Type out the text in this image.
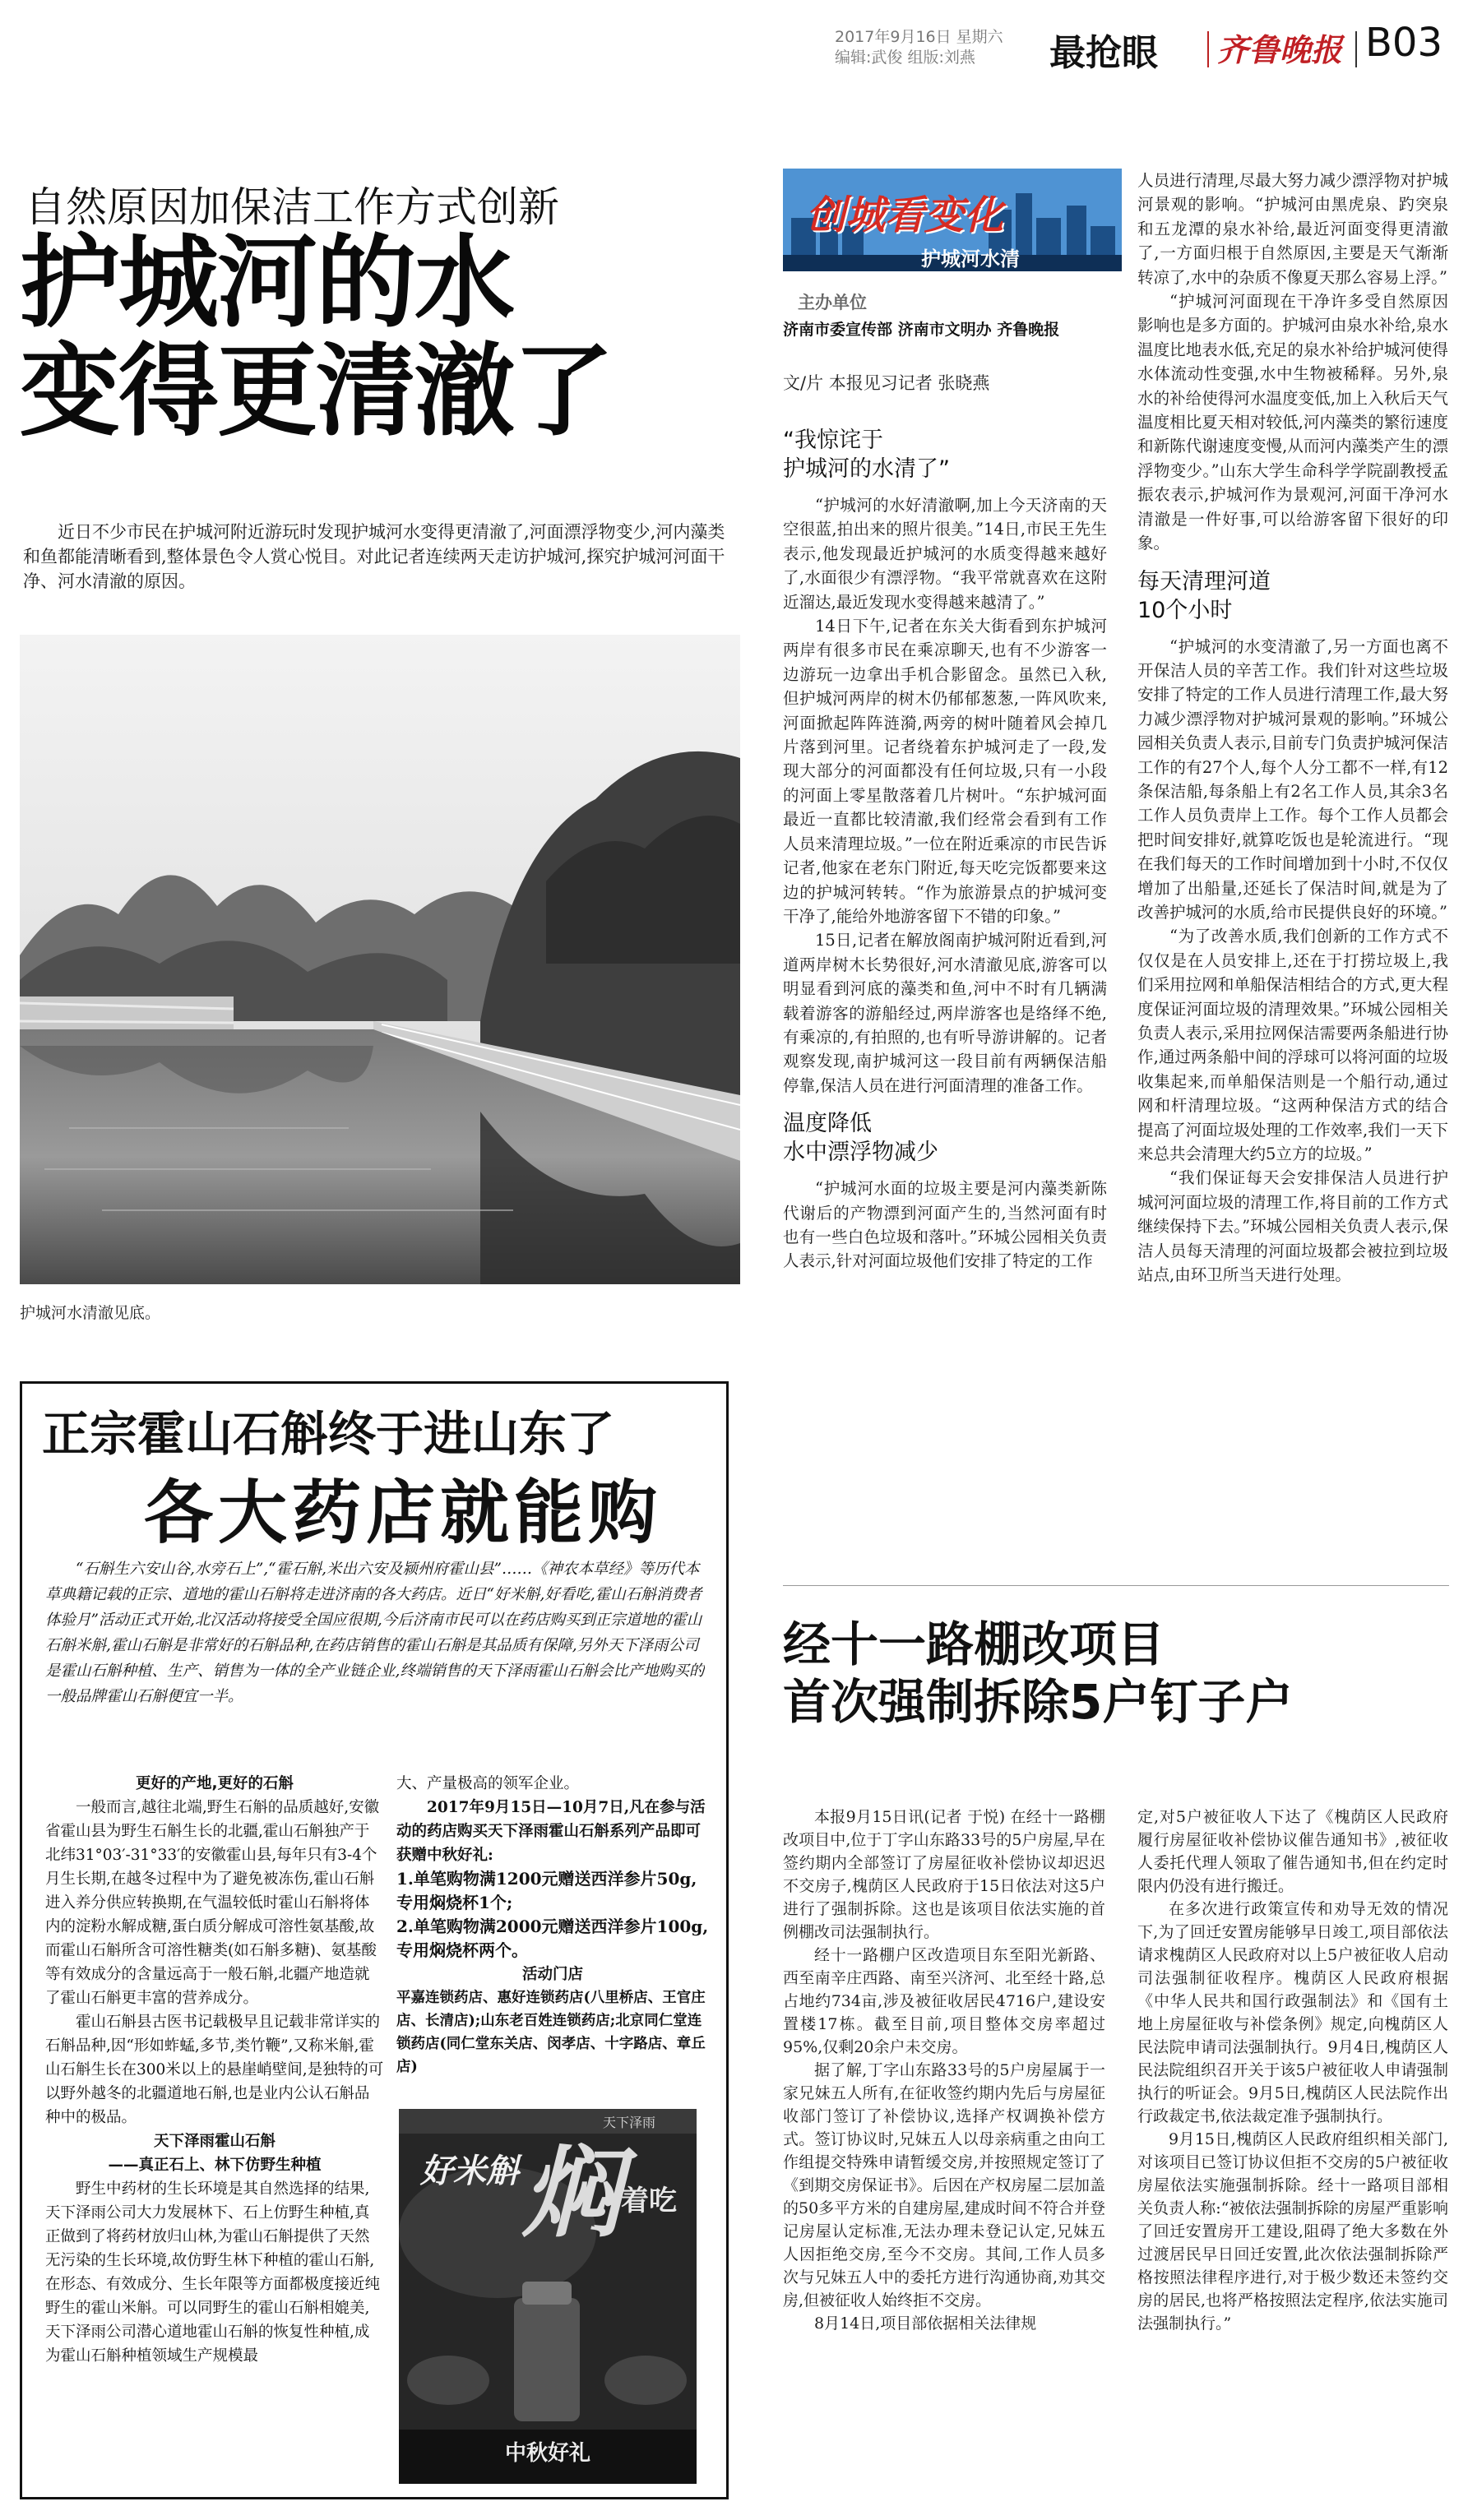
2017年9月16日 星期六
编辑:武俊 组版:刘燕 最抢眼 齐鲁晚报 B03
自然原因加保洁工作方式创新
护城河的水
变得更清澈了
近日不少市民在护城河附近游玩时发现护城河水变得更清澈了,河面漂浮物变少,河内藻类和鱼都能清晰看到,整体景色令人赏心悦目。对此记者连续两天走访护城河,探究护城河河面干净、河水清澈的原因。
护城河水清澈见底。
创城看变化
护城河水清
主办单位
济南市委宣传部 济南市文明办 齐鲁晚报
文/片 本报见习记者 张晓燕
“我惊诧于
护城河的水清了”

“护城河的水好清澈啊,加上今天济南的天空很蓝,拍出来的照片很美。”14日,市民王先生表示,他发现最近护城河的水质变得越来越好了,水面很少有漂浮物。“我平常就喜欢在这附近溜达,最近发现水变得越来越清了。”

14日下午,记者在东关大街看到东护城河两岸有很多市民在乘凉聊天,也有不少游客一边游玩一边拿出手机合影留念。虽然已入秋,但护城河两岸的树木仍郁郁葱葱,一阵风吹来,河面掀起阵阵涟漪,两旁的树叶随着风会掉几片落到河里。记者绕着东护城河走了一段,发现大部分的河面都没有任何垃圾,只有一小段的河面上零星散落着几片树叶。“东护城河面最近一直都比较清澈,我们经常会看到有工作人员来清理垃圾。”一位在附近乘凉的市民告诉记者,他家在老东门附近,每天吃完饭都要来这边的护城河转转。“作为旅游景点的护城河变干净了,能给外地游客留下不错的印象。”

15日,记者在解放阁南护城河附近看到,河道两岸树木长势很好,河水清澈见底,游客可以明显看到河底的藻类和鱼,河中不时有几辆满载着游客的游船经过,两岸游客也是络绎不绝,有乘凉的,有拍照的,也有听导游讲解的。记者观察发现,南护城河这一段目前有两辆保洁船停靠,保洁人员在进行河面清理的准备工作。

温度降低
水中漂浮物减少

“护城河水面的垃圾主要是河内藻类新陈代谢后的产物漂到河面产生的,当然河面有时也有一些白色垃圾和落叶。”环城公园相关负责人表示,针对河面垃圾他们安排了特定的工作

人员进行清理,尽最大努力减少漂浮物对护城河景观的影响。“护城河由黑虎泉、趵突泉和五龙潭的泉水补给,最近河面变得更清澈了,一方面归根于自然原因,主要是天气渐渐转凉了,水中的杂质不像夏天那么容易上浮。”

“护城河河面现在干净许多受自然原因影响也是多方面的。护城河由泉水补给,泉水温度比地表水低,充足的泉水补给护城河使得水体流动性变强,水中生物被稀释。另外,泉水的补给使得河水温度变低,加上入秋后天气温度相比夏天相对较低,河内藻类的繁衍速度和新陈代谢速度变慢,从而河内藻类产生的漂浮物变少。”山东大学生命科学学院副教授孟振农表示,护城河作为景观河,河面干净河水清澈是一件好事,可以给游客留下很好的印象。

每天清理河道
10个小时

“护城河的水变清澈了,另一方面也离不开保洁人员的辛苦工作。我们针对这些垃圾安排了特定的工作人员进行清理工作,最大努力减少漂浮物对护城河景观的影响。”环城公园相关负责人表示,目前专门负责护城河保洁工作的有27个人,每个人分工都不一样,有12条保洁船,每条船上有2名工作人员,其余3名工作人员负责岸上工作。每个工作人员都会把时间安排好,就算吃饭也是轮流进行。“现在我们每天的工作时间增加到十小时,不仅仅增加了出船量,还延长了保洁时间,就是为了改善护城河的水质,给市民提供良好的环境。”

“为了改善水质,我们创新的工作方式不仅仅是在人员安排上,还在于打捞垃圾上,我们采用拉网和单船保洁相结合的方式,更大程度保证河面垃圾的清理效果。”环城公园相关负责人表示,采用拉网保洁需要两条船进行协作,通过两条船中间的浮球可以将河面的垃圾收集起来,而单船保洁则是一个船行动,通过网和杆清理垃圾。“这两种保洁方式的结合提高了河面垃圾处理的工作效率,我们一天下来总共会清理大约5立方的垃圾。”

“我们保证每天会安排保洁人员进行护城河河面垃圾的清理工作,将目前的工作方式继续保持下去。”环城公园相关负责人表示,保洁人员每天清理的河面垃圾都会被拉到垃圾站点,由环卫所当天进行处理。

正宗霍山石斛终于进山东了
各大药店就能购
“石斛生六安山谷,水旁石上”,“霍石斛,米出六安及颍州府霍山县”……《神农本草经》等历代本草典籍记载的正宗、道地的霍山石斛将走进济南的各大药店。近日“好米斛,好看吃,霍山石斛消费者体验月”活动正式开始,北汉活动将接受全国应很期,今后济南市民可以在药店购买到正宗道地的霍山石斛米斛,霍山石斛是非常好的石斛品种,在药店销售的霍山石斛是其品质有保障,另外天下泽雨公司是霍山石斛种植、生产、销售为一体的全产业链企业,终端销售的天下泽雨霍山石斛会比产地购买的一般品牌霍山石斛便宜一半。
更好的产地,更好的石斛
一般而言,越往北端,野生石斛的品质越好,安徽省霍山县为野生石斛生长的北疆,霍山石斛独产于北纬31°03′-31°33′的安徽霍山县,每年只有3-4个月生长期,在越冬过程中为了避免被冻伤,霍山石斛进入养分供应转换期,在气温较低时霍山石斛将体内的淀粉水解成糖,蛋白质分解成可溶性氨基酸,故而霍山石斛所含可溶性糖类(如石斛多糖)、氨基酸等有效成分的含量远高于一般石斛,北疆产地造就了霍山石斛更丰富的营养成分。
霍山石斛县古医书记载极早且记载非常详实的石斛品种,因“形如蚱蜢,多节,类竹鞭”,又称米斛,霍山石斛生长在300米以上的悬崖峭壁间,是独特的可以野外越冬的北疆道地石斛,也是业内公认石斛品种中的极品。
天下泽雨霍山石斛
——真正石上、林下仿野生种植
野生中药材的生长环境是其自然选择的结果,天下泽雨公司大力发展林下、石上仿野生种植,真正做到了将药材放归山林,为霍山石斛提供了天然无污染的生长环境,故仿野生林下种植的霍山石斛,在形态、有效成分、生长年限等方面都极度接近纯野生的霍山米斛。可以同野生的霍山石斛相媲美,天下泽雨公司潜心道地霍山石斛的恢复性种植,成为霍山石斛种植领域生产规模最
大、产量极高的领军企业。
2017年9月15日—10月7日,凡在参与活动的药店购买天下泽雨霍山石斛系列产品即可获赠中秋好礼:
1.单笔购物满1200元赠送西洋参片50g,专用焖烧杯1个;
2.单笔购物满2000元赠送西洋参片100g,专用焖烧杯两个。
活动门店
平嘉连锁药店、惠好连锁药店(八里桥店、王官庄店、长清店);山东老百姓连锁药店;北京同仁堂连锁药店(同仁堂东关店、闵孝店、十字路店、章丘店)
好米斛 焖 着吃
天下泽雨
中秋好礼
经十一路棚改项目
首次强制拆除5户钉子户

本报9月15日讯(记者 于悦) 在经十一路棚改项目中,位于丁字山东路33号的5户房屋,早在签约期内全部签订了房屋征收补偿协议却迟迟不交房子,槐荫区人民政府于15日依法对这5户进行了强制拆除。这也是该项目依法实施的首例棚改司法强制执行。

经十一路棚户区改造项目东至阳光新路、西至南辛庄西路、南至兴济河、北至经十路,总占地约734亩,涉及被征收居民4716户,建设安置楼17栋。截至目前,项目整体交房率超过95%,仅剩20余户未交房。

据了解,丁字山东路33号的5户房屋属于一家兄妹五人所有,在征收签约期内先后与房屋征收部门签订了补偿协议,选择产权调换补偿方式。签订协议时,兄妹五人以母亲病重之由向工作组提交特殊申请暂缓交房,并按照规定签订了《到期交房保证书》。后因在产权房屋二层加盖的50多平方米的自建房屋,建成时间不符合并登记房屋认定标准,无法办理未登记认定,兄妹五人因拒绝交房,至今不交房。其间,工作人员多次与兄妹五人中的委托方进行沟通协商,劝其交房,但被征收人始终拒不交房。

8月14日,项目部依据相关法律规

定,对5户被征收人下达了《槐荫区人民政府履行房屋征收补偿协议催告通知书》,被征收人委托代理人领取了催告通知书,但在约定时限内仍没有进行搬迁。

在多次进行政策宣传和劝导无效的情况下,为了回迁安置房能够早日竣工,项目部依法请求槐荫区人民政府对以上5户被征收人启动司法强制征收程序。槐荫区人民政府根据《中华人民共和国行政强制法》和《国有土地上房屋征收与补偿条例》规定,向槐荫区人民法院申请司法强制执行。9月4日,槐荫区人民法院组织召开关于该5户被征收人申请强制执行的听证会。9月5日,槐荫区人民法院作出行政裁定书,依法裁定准予强制执行。

9月15日,槐荫区人民政府组织相关部门,对该项目已签订协议但拒不交房的5户被征收房屋依法实施强制拆除。经十一路项目部相关负责人称:“被依法强制拆除的房屋严重影响了回迁安置房开工建设,阻碍了绝大多数在外过渡居民早日回迁安置,此次依法强制拆除严格按照法律程序进行,对于极少数还未签约交房的居民,也将严格按照法定程序,依法实施司法强制执行。”
